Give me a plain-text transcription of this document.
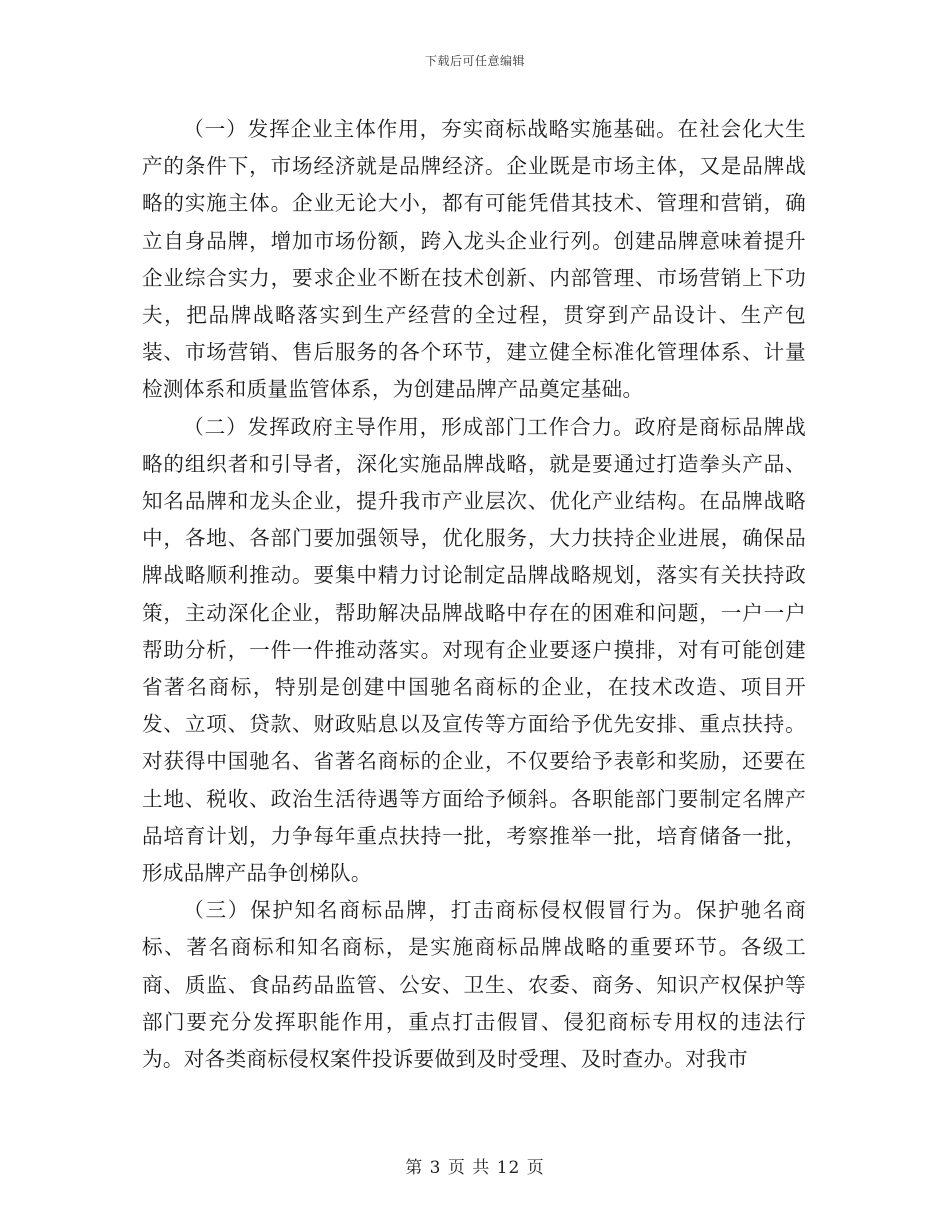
下载后可任意编辑

（一）发挥企业主体作用，夯实商标战略实施基础。在社会化大生产的条件下，市场经济就是品牌经济。企业既是市场主体，又是品牌战略的实施主体。企业无论大小，都有可能凭借其技术、管理和营销，确立自身品牌，增加市场份额，跨入龙头企业行列。创建品牌意味着提升企业综合实力，要求企业不断在技术创新、内部管理、市场营销上下功夫，把品牌战略落实到生产经营的全过程，贯穿到产品设计、生产包装、市场营销、售后服务的各个环节，建立健全标准化管理体系、计量检测体系和质量监管体系，为创建品牌产品奠定基础。

（二）发挥政府主导作用，形成部门工作合力。政府是商标品牌战略的组织者和引导者，深化实施品牌战略，就是要通过打造拳头产品、知名品牌和龙头企业，提升我市产业层次、优化产业结构。在品牌战略中，各地、各部门要加强领导，优化服务，大力扶持企业进展，确保品牌战略顺利推动。要集中精力讨论制定品牌战略规划，落实有关扶持政策，主动深化企业，帮助解决品牌战略中存在的困难和问题，一户一户帮助分析，一件一件推动落实。对现有企业要逐户摸排，对有可能创建省著名商标，特别是创建中国驰名商标的企业，在技术改造、项目开发、立项、贷款、财政贴息以及宣传等方面给予优先安排、重点扶持。对获得中国驰名、省著名商标的企业，不仅要给予表彰和奖励，还要在土地、税收、政治生活待遇等方面给予倾斜。各职能部门要制定名牌产品培育计划，力争每年重点扶持一批，考察推举一批，培育储备一批，形成品牌产品争创梯队。

（三）保护知名商标品牌，打击商标侵权假冒行为。保护驰名商标、著名商标和知名商标，是实施商标品牌战略的重要环节。各级工商、质监、食品药品监管、公安、卫生、农委、商务、知识产权保护等部门要充分发挥职能作用，重点打击假冒、侵犯商标专用权的违法行为。对各类商标侵权案件投诉要做到及时受理、及时查办。对我市

第 3 页 共 12 页
